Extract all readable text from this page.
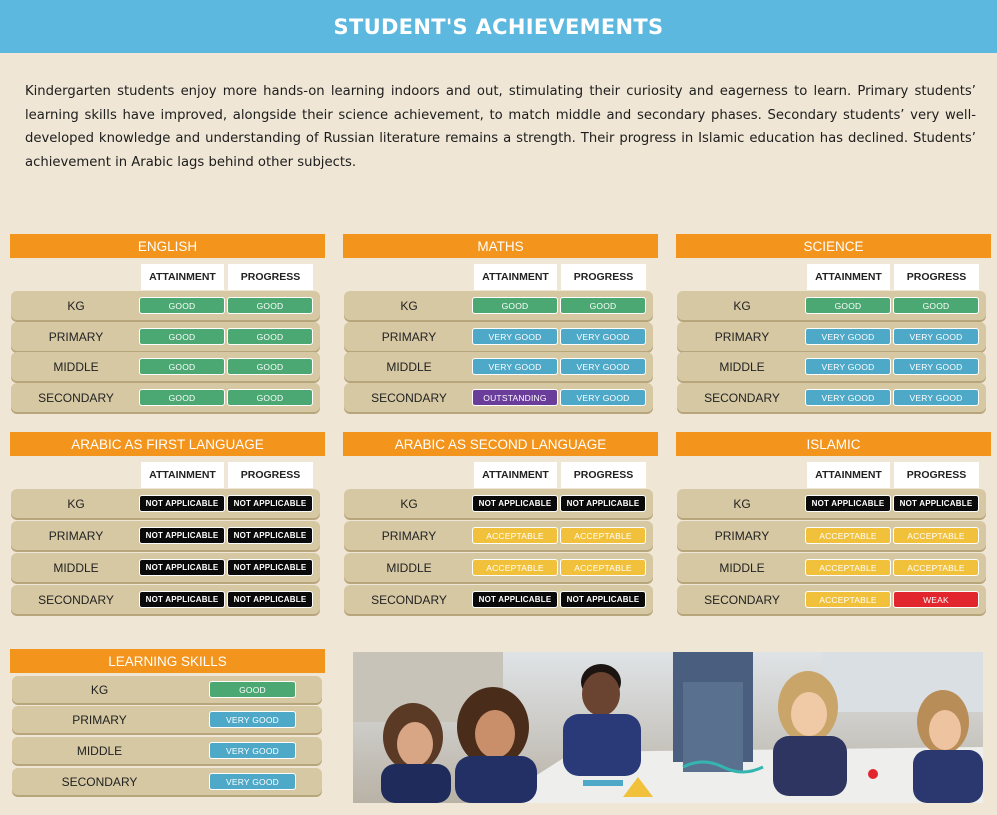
STUDENT'S ACHIEVEMENTS

Kindergarten students enjoy more hands-on learning indoors and out, stimulating their curiosity and eagerness to learn. Primary students’ learning skills have improved, alongside their science achievement, to match middle and secondary phases. Secondary students’ very well-developed knowledge and understanding of Russian literature remains a strength. Their progress in Islamic education has declined. Students’ achievement in Arabic lags behind other subjects.

ENGLISH
ATTAINMENT	PROGRESS
KG	GOOD	GOOD
PRIMARY	GOOD	GOOD
MIDDLE	GOOD	GOOD
SECONDARY	GOOD	GOOD
MATHS
ATTAINMENT	PROGRESS
KG	GOOD	GOOD
PRIMARY	VERY GOOD	VERY GOOD
MIDDLE	VERY GOOD	VERY GOOD
SECONDARY	OUTSTANDING	VERY GOOD
SCIENCE
ATTAINMENT	PROGRESS
KG	GOOD	GOOD
PRIMARY	VERY GOOD	VERY GOOD
MIDDLE	VERY GOOD	VERY GOOD
SECONDARY	VERY GOOD	VERY GOOD
ARABIC AS FIRST LANGUAGE
ATTAINMENT	PROGRESS
KG	NOT APPLICABLE	NOT APPLICABLE
PRIMARY	NOT APPLICABLE	NOT APPLICABLE
MIDDLE	NOT APPLICABLE	NOT APPLICABLE
SECONDARY	NOT APPLICABLE	NOT APPLICABLE
ARABIC AS SECOND LANGUAGE
ATTAINMENT	PROGRESS
KG	NOT APPLICABLE	NOT APPLICABLE
PRIMARY	ACCEPTABLE	ACCEPTABLE
MIDDLE	ACCEPTABLE	ACCEPTABLE
SECONDARY	NOT APPLICABLE	NOT APPLICABLE
ISLAMIC
ATTAINMENT	PROGRESS
KG	NOT APPLICABLE	NOT APPLICABLE
PRIMARY	ACCEPTABLE	ACCEPTABLE
MIDDLE	ACCEPTABLE	ACCEPTABLE
SECONDARY	ACCEPTABLE	WEAK
LEARNING SKILLS
KG	GOOD
PRIMARY	VERY GOOD
MIDDLE	VERY GOOD
SECONDARY	VERY GOOD
